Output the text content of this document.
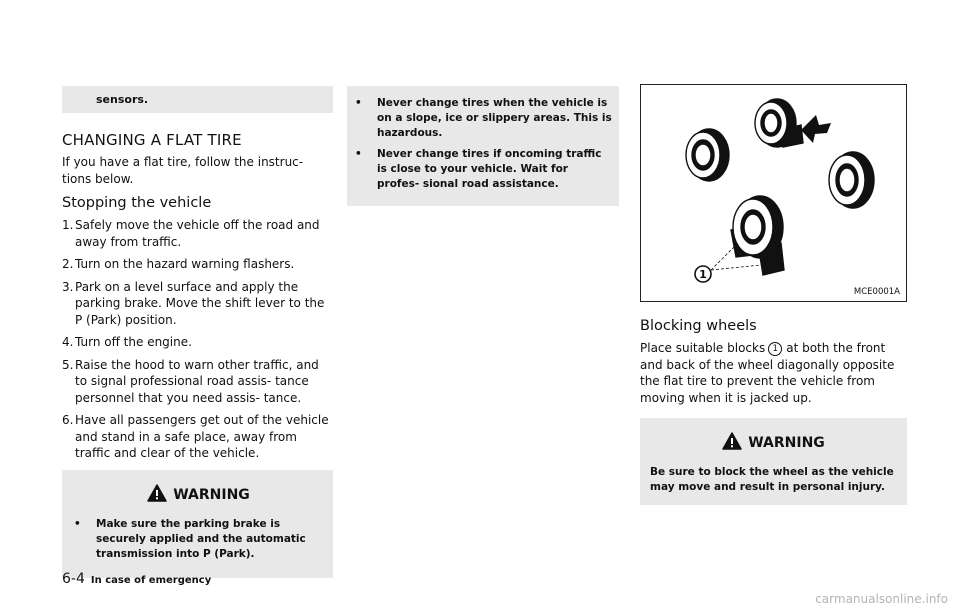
sensors.
CHANGING A FLAT TIRE

If you have a flat tire, follow the instruc- tions below.

Stopping the vehicle
1. Safely move the vehicle off the road and away from traffic.
2. Turn on the hazard warning flashers.
3. Park on a level surface and apply the parking brake. Move the shift lever to the P (Park) position.
4. Turn off the engine.
5. Raise the hood to warn other traffic, and to signal professional road assis- tance personnel that you need assis- tance.
6. Have all passengers get out of the vehicle and stand in a safe place, away from traffic and clear of the vehicle.
WARNING
• Make sure the parking brake is securely applied and the automatic transmission into P (Park).
• Never change tires when the vehicle is on a slope, ice or slippery areas. This is hazardous.
• Never change tires if oncoming traffic is close to your vehicle. Wait for profes- sional road assistance.
1
MCE0001A
Blocking wheels

Place suitable blocks 1 at both the front and back of the wheel diagonally opposite the flat tire to prevent the vehicle from moving when it is jacked up.

WARNING

Be sure to block the wheel as the vehicle may move and result in personal injury.

6-4 In case of emergency
carmanualsonline.info
